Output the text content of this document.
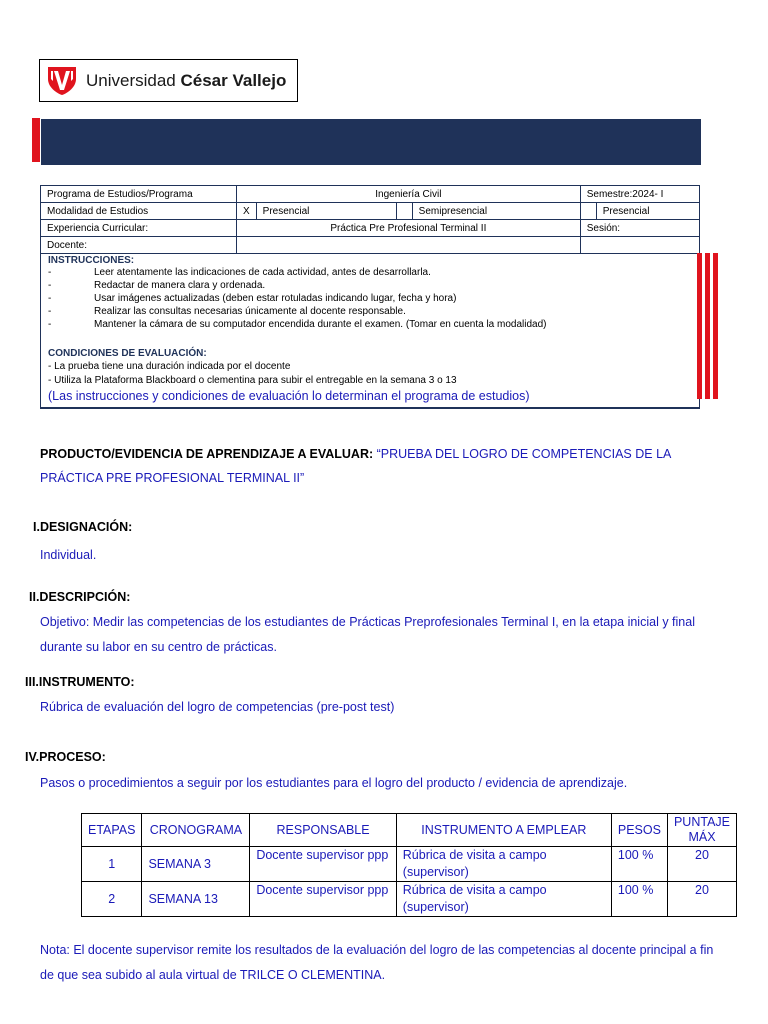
Universidad César Vallejo
Programa de Estudios/Programa	Ingeniería Civil				Semestre:2024- I	
Modalidad de Estudios	X	Presencial		Semipresencial		Presencial
Experiencia Curricular:	Práctica Pre Profesional Terminal II				Sesión:	
Docente:						
INSTRUCCIONES:
-	Leer atentamente las indicaciones de cada actividad, antes de desarrollarla.
-	Redactar de manera clara y ordenada.
-	Usar imágenes actualizadas (deben estar rotuladas indicando lugar, fecha y hora)
-	Realizar las consultas necesarias únicamente al docente responsable.
-	Mantener la cámara de su computador encendida durante el examen. (Tomar en cuenta la modalidad)
CONDICIONES DE EVALUACIÓN:
- La prueba tiene una duración indicada por el docente
- Utiliza la Plataforma Blackboard o clementina para subir el entregable en la semana 3 o 13
(Las instrucciones y condiciones de evaluación lo determinan el programa de estudios)
PRODUCTO/EVIDENCIA DE APRENDIZAJE A EVALUAR: “PRUEBA DEL LOGRO DE COMPETENCIAS DE LA PRÁCTICA PRE PROFESIONAL TERMINAL II”
I.DESIGNACIÓN:
Individual.
II.DESCRIPCIÓN:
Objetivo: Medir las competencias de los estudiantes de Prácticas Preprofesionales Terminal I, en la etapa inicial y final durante su labor en su centro de prácticas.
III.INSTRUMENTO:
Rúbrica de evaluación del logro de competencias (pre-post test)
IV.PROCESO:
Pasos o procedimientos a seguir por los estudiantes para el logro del producto / evidencia de aprendizaje.
ETAPAS	CRONOGRAMA	RESPONSABLE	INSTRUMENTO A EMPLEAR	PESOS	PUNTAJE MÁX
1	SEMANA 3	Docente supervisor ppp	Rúbrica de visita a campo (supervisor)	100 %	20
2	SEMANA 13	Docente supervisor ppp	Rúbrica de visita a campo (supervisor)	100 %	20
Nota: El docente supervisor remite los resultados de la evaluación del logro de las competencias al docente principal a fin de que sea subido al aula virtual de TRILCE O CLEMENTINA.
